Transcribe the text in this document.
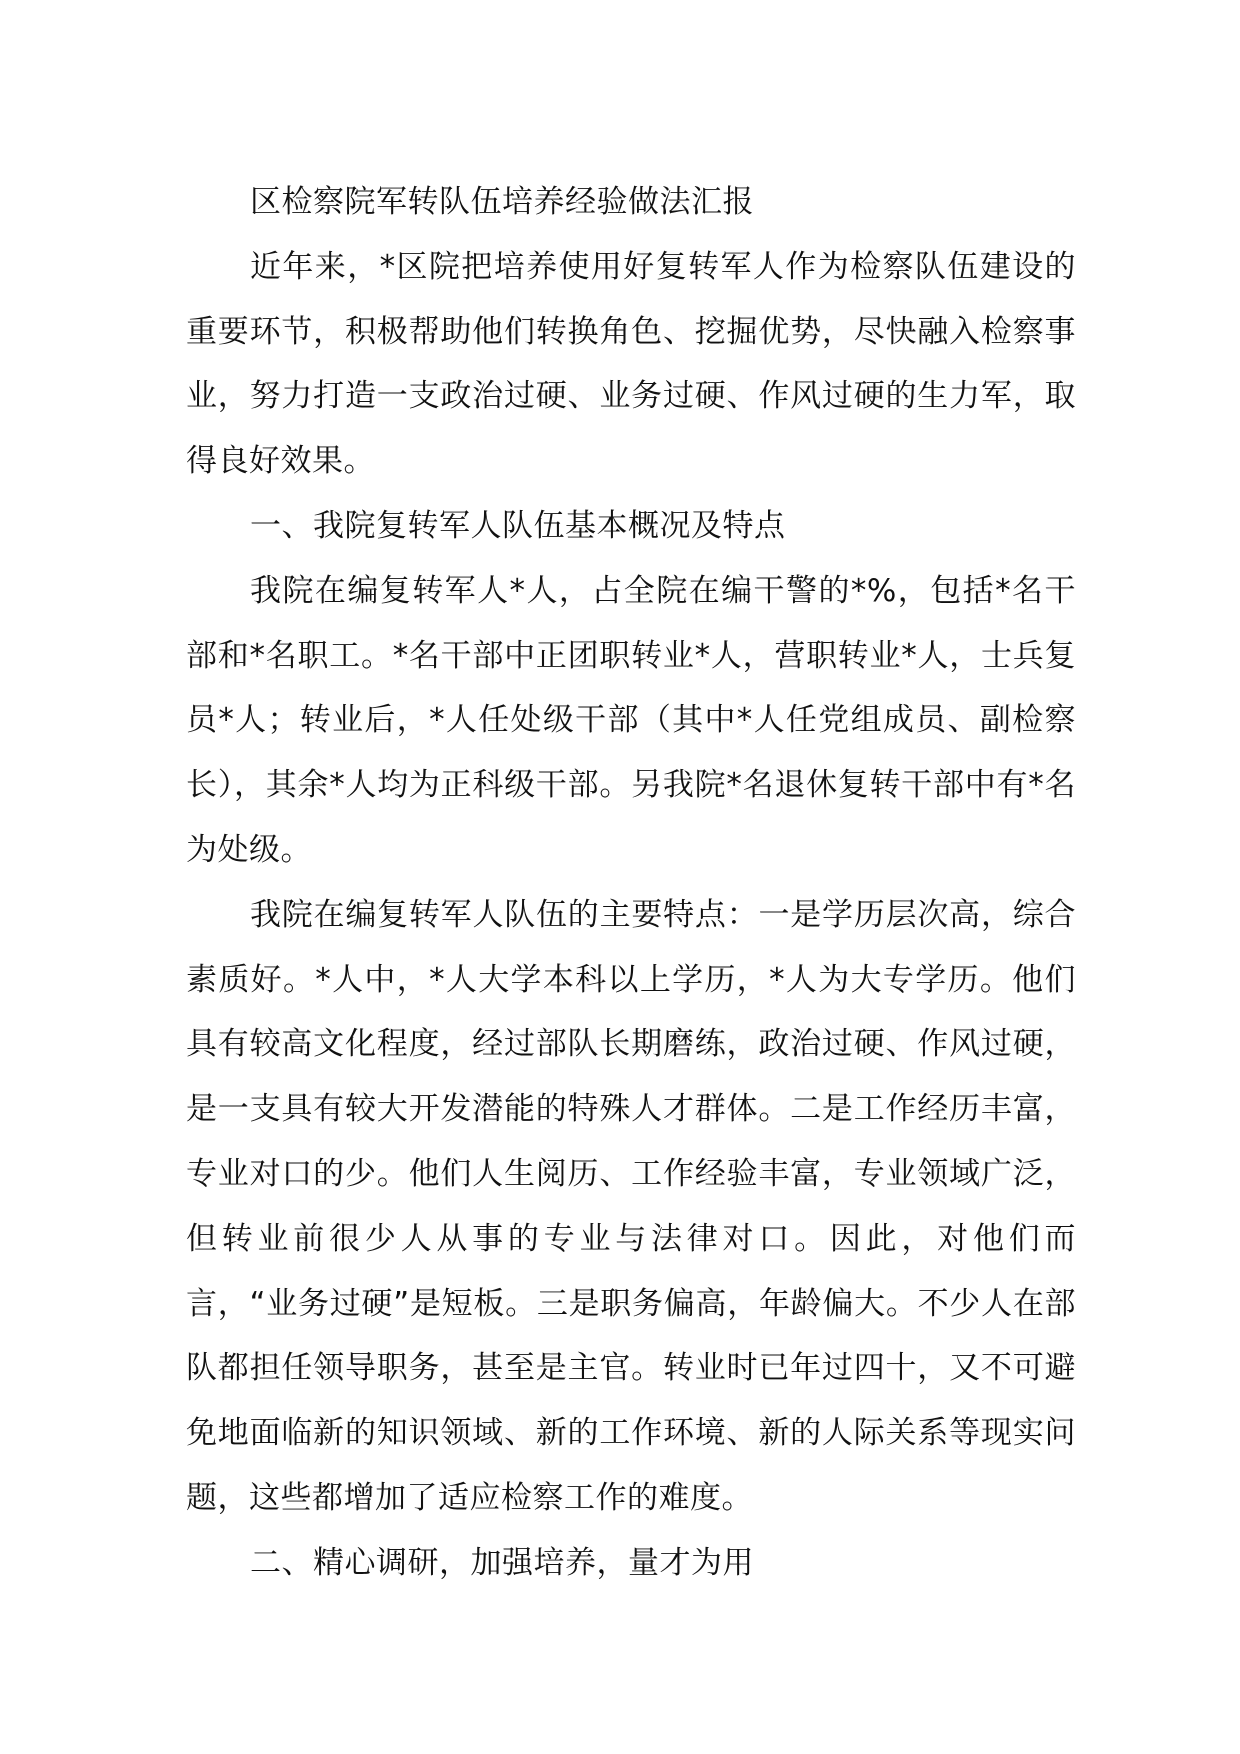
区检察院军转队伍培养经验做法汇报

近年来，*区院把培养使用好复转军人作为检察队伍建设的重要环节，积极帮助他们转换角色、挖掘优势，尽快融入检察事业，努力打造一支政治过硬、业务过硬、作风过硬的生力军，取得良好效果。

一、我院复转军人队伍基本概况及特点

我院在编复转军人*人，占全院在编干警的*%，包括*名干部和*名职工。*名干部中正团职转业*人，营职转业*人，士兵复员*人；转业后，*人任处级干部（其中*人任党组成员、副检察长），其余*人均为正科级干部。另我院*名退休复转干部中有*名为处级。

我院在编复转军人队伍的主要特点：一是学历层次高，综合素质好。*人中，*人大学本科以上学历，*人为大专学历。他们具有较高文化程度，经过部队长期磨练，政治过硬、作风过硬，是一支具有较大开发潜能的特殊人才群体。二是工作经历丰富，专业对口的少。他们人生阅历、工作经验丰富，专业领域广泛，但转业前很少人从事的专业与法律对口。因此，对他们而言，“业务过硬”是短板。三是职务偏高，年龄偏大。不少人在部队都担任领导职务，甚至是主官。转业时已年过四十，又不可避免地面临新的知识领域、新的工作环境、新的人际关系等现实问题，这些都增加了适应检察工作的难度。

二、精心调研，加强培养，量才为用
